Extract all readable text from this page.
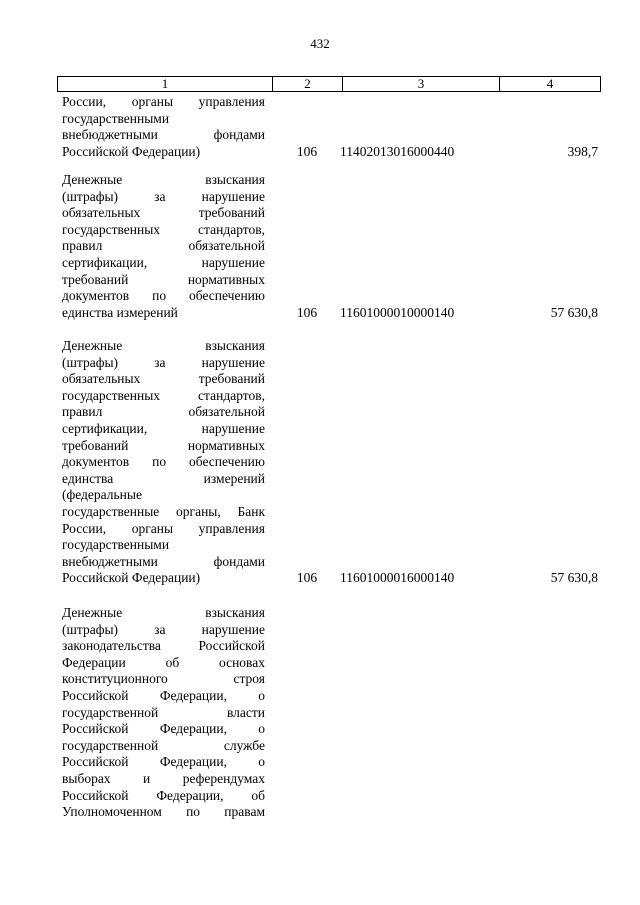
432
1	2	3	4
России, органы управления
государственными
внебюджетными фондами
Российской Федерации)	106	11402013016000440	398,7
Денежные взыскания
(штрафы) за нарушение
обязательных требований
государственных стандартов,
правил обязательной
сертификации, нарушение
требований нормативных
документов по обеспечению
единства измерений	106	11601000010000140	57 630,8
Денежные взыскания
(штрафы) за нарушение
обязательных требований
государственных стандартов,
правил обязательной
сертификации, нарушение
требований нормативных
документов по обеспечению
единства измерений
(федеральные
государственные органы, Банк
России, органы управления
государственными
внебюджетными фондами
Российской Федерации)	106	11601000016000140	57 630,8
Денежные взыскания
(штрафы) за нарушение
законодательства Российской
Федерации об основах
конституционного строя
Российской Федерации, о
государственной власти
Российской Федерации, о
государственной службе
Российской Федерации, о
выборах и референдумах
Российской Федерации, об
Уполномоченном по правам
